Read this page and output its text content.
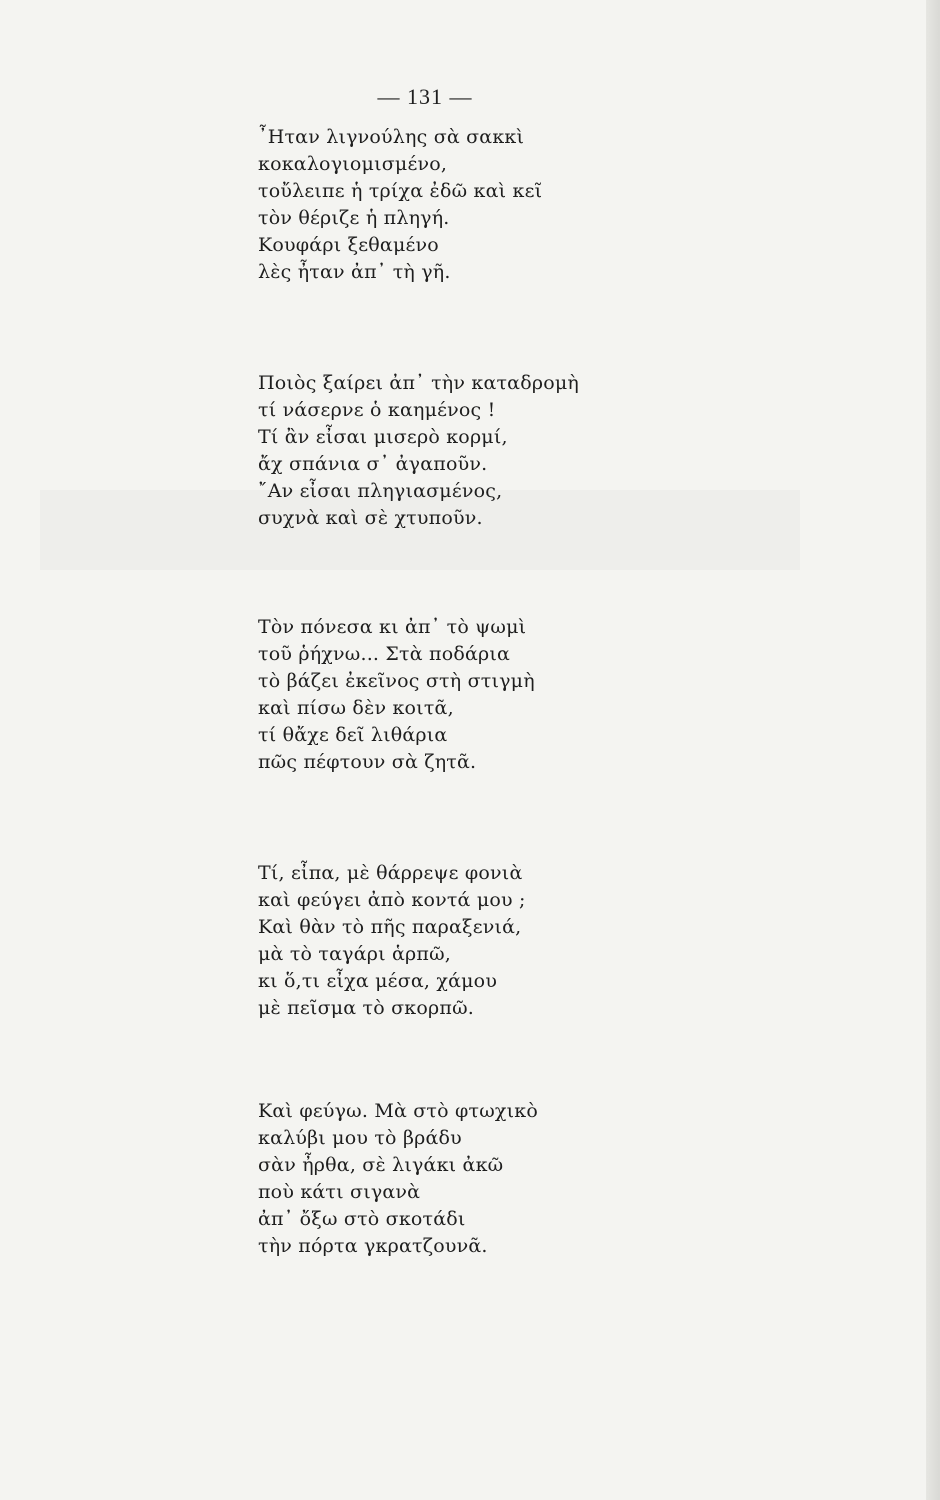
— 131 —
῏Ηταν λιγνούλης σὰ σακκὶ
κοκαλογιομισμένο,
τοὔλειπε ἡ τρίχα ἐδῶ καὶ κεῖ
τὸν θέριζε ἡ πληγή.
Κουφάρι ξεθαμένο
λὲς ἦταν ἀπ᾿ τὴ γῆ.
Ποιὸς ξαίρει ἀπ᾿ τὴν καταδρομὴ
τί νάσερνε ὁ καημένος !
Τί ἂν εἶσαι μισερὸ κορμί,
ἄχ σπάνια σ᾿ ἀγαποῦν.
῎Αν εἶσαι πληγιασμένος,
συχνὰ καὶ σὲ χτυποῦν.
Τὸν πόνεσα κι ἀπ᾿ τὸ ψωμὶ
τοῦ ῥήχνω... Στὰ ποδάρια
τὸ βάζει ἐκεῖνος στὴ στιγμὴ
καὶ πίσω δὲν κοιτᾶ,
τί θἄχε δεῖ λιθάρια
πῶς πέφτουν σὰ ζητᾶ.
Τί, εἶπα, μὲ θάρρεψε φονιὰ
καὶ φεύγει ἀπὸ κοντά μου ;
Καὶ θὰν τὸ πῆς παραξενιά,
μὰ τὸ ταγάρι ἁρπῶ,
κι ὅ,τι εἶχα μέσα, χάμου
μὲ πεῖσμα τὸ σκορπῶ.
Καὶ φεύγω. Μὰ στὸ φτωχικὸ
καλύβι μου τὸ βράδυ
σὰν ἦρθα, σὲ λιγάκι ἀκῶ
ποὺ κάτι σιγανὰ
ἀπ᾿ ὄξω στὸ σκοτάδι
τὴν πόρτα γκρατζουνᾶ.
